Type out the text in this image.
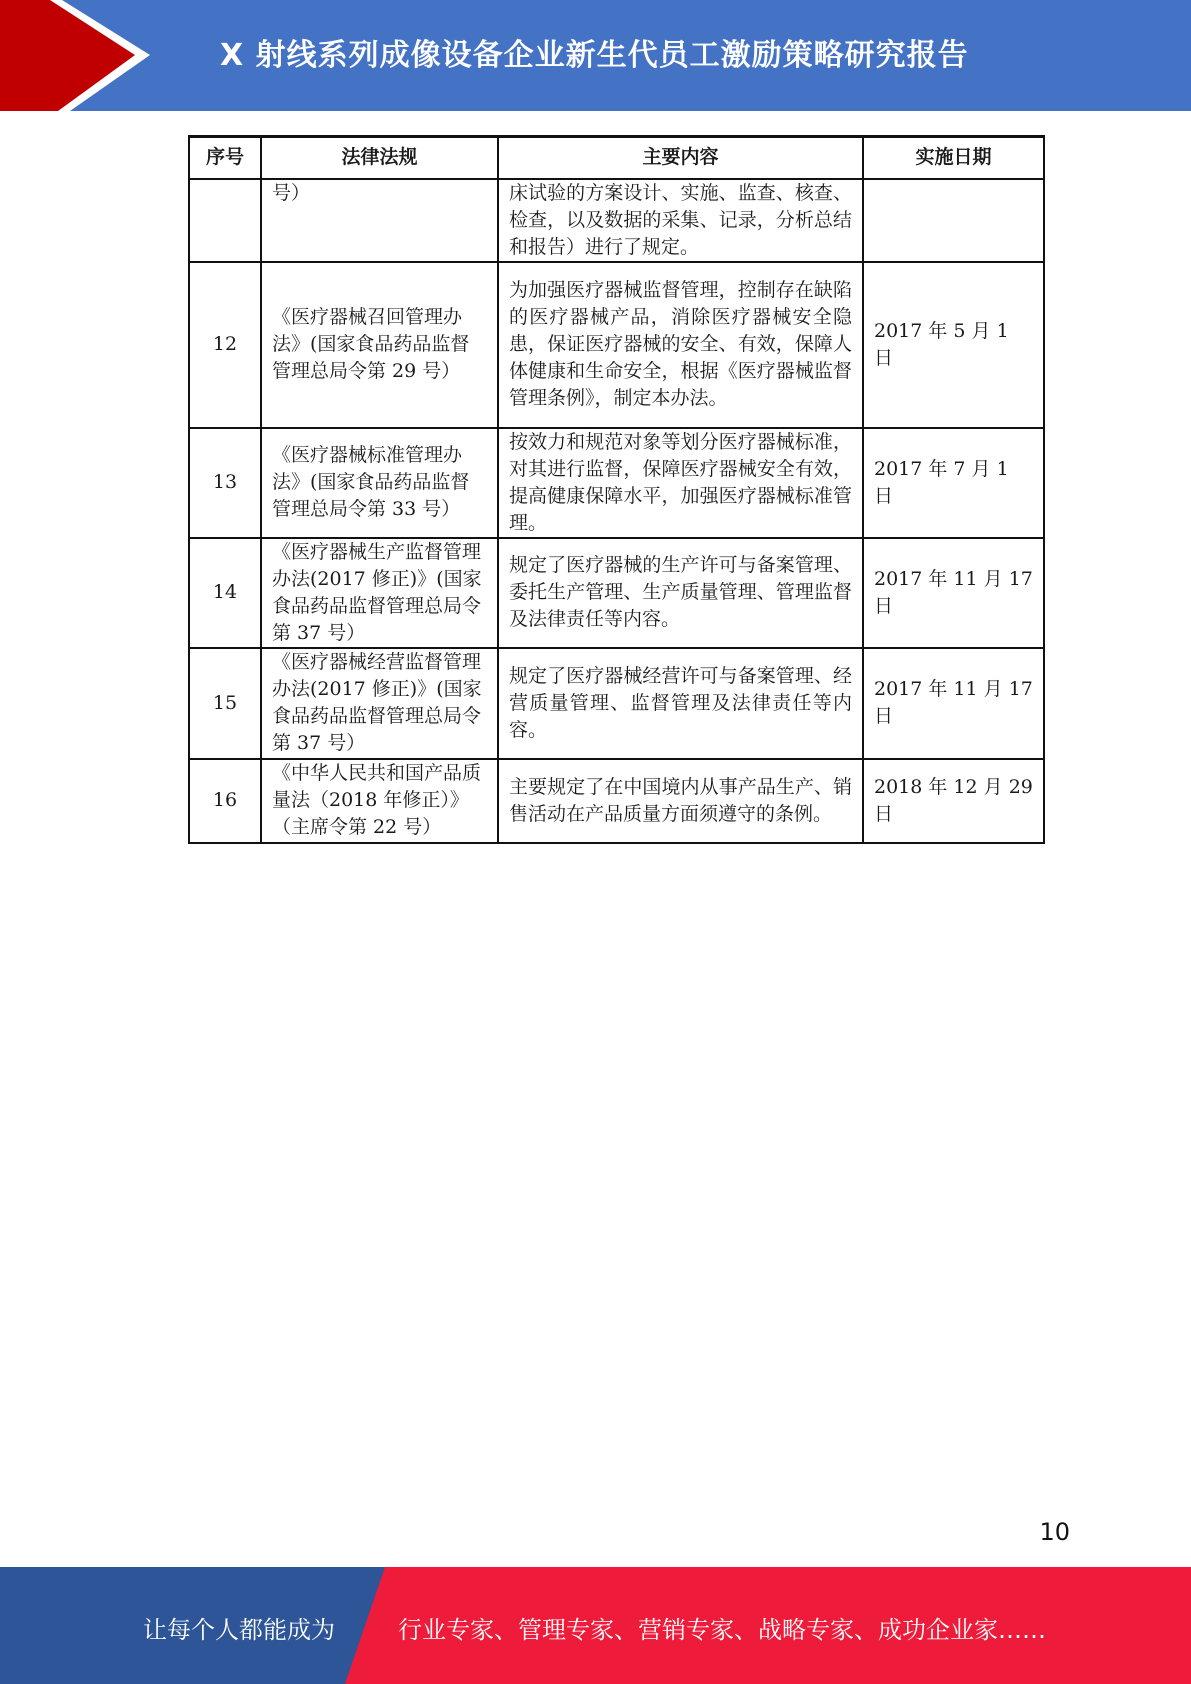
X 射线系列成像设备企业新生代员工激励策略研究报告
序号	法律法规	主要内容	实施日期
	号）	床试验的方案设计、实施、监查、核查、检查，以及数据的采集、记录，分析总结和报告）进行了规定。	
12	《医疗器械召回管理办法》(国家食品药品监督管理总局令第 29 号）	为加强医疗器械监督管理，控制存在缺陷的医疗器械产品，消除医疗器械安全隐患，保证医疗器械的安全、有效，保障人体健康和生命安全，根据《医疗器械监督管理条例》，制定本办法。	2017 年 5 月 1 日
13	《医疗器械标准管理办法》(国家食品药品监督管理总局令第 33 号）	按效力和规范对象等划分医疗器械标准，对其进行监督，保障医疗器械安全有效，提高健康保障水平，加强医疗器械标准管理。	2017 年 7 月 1 日
14	《医疗器械生产监督管理办法(2017 修正)》(国家食品药品监督管理总局令第 37 号）	规定了医疗器械的生产许可与备案管理、委托生产管理、生产质量管理、管理监督及法律责任等内容。	2017 年 11 月 17 日
15	《医疗器械经营监督管理办法(2017 修正)》(国家食品药品监督管理总局令第 37 号）	规定了医疗器械经营许可与备案管理、经营质量管理、监督管理及法律责任等内容。	2017 年 11 月 17 日
16	《中华人民共和国产品质量法（2018 年修正）》（主席令第 22 号）	主要规定了在中国境内从事产品生产、销售活动在产品质量方面须遵守的条例。	2018 年 12 月 29 日
10
让每个人都能成为	行业专家、管理专家、营销专家、战略专家、成功企业家……
